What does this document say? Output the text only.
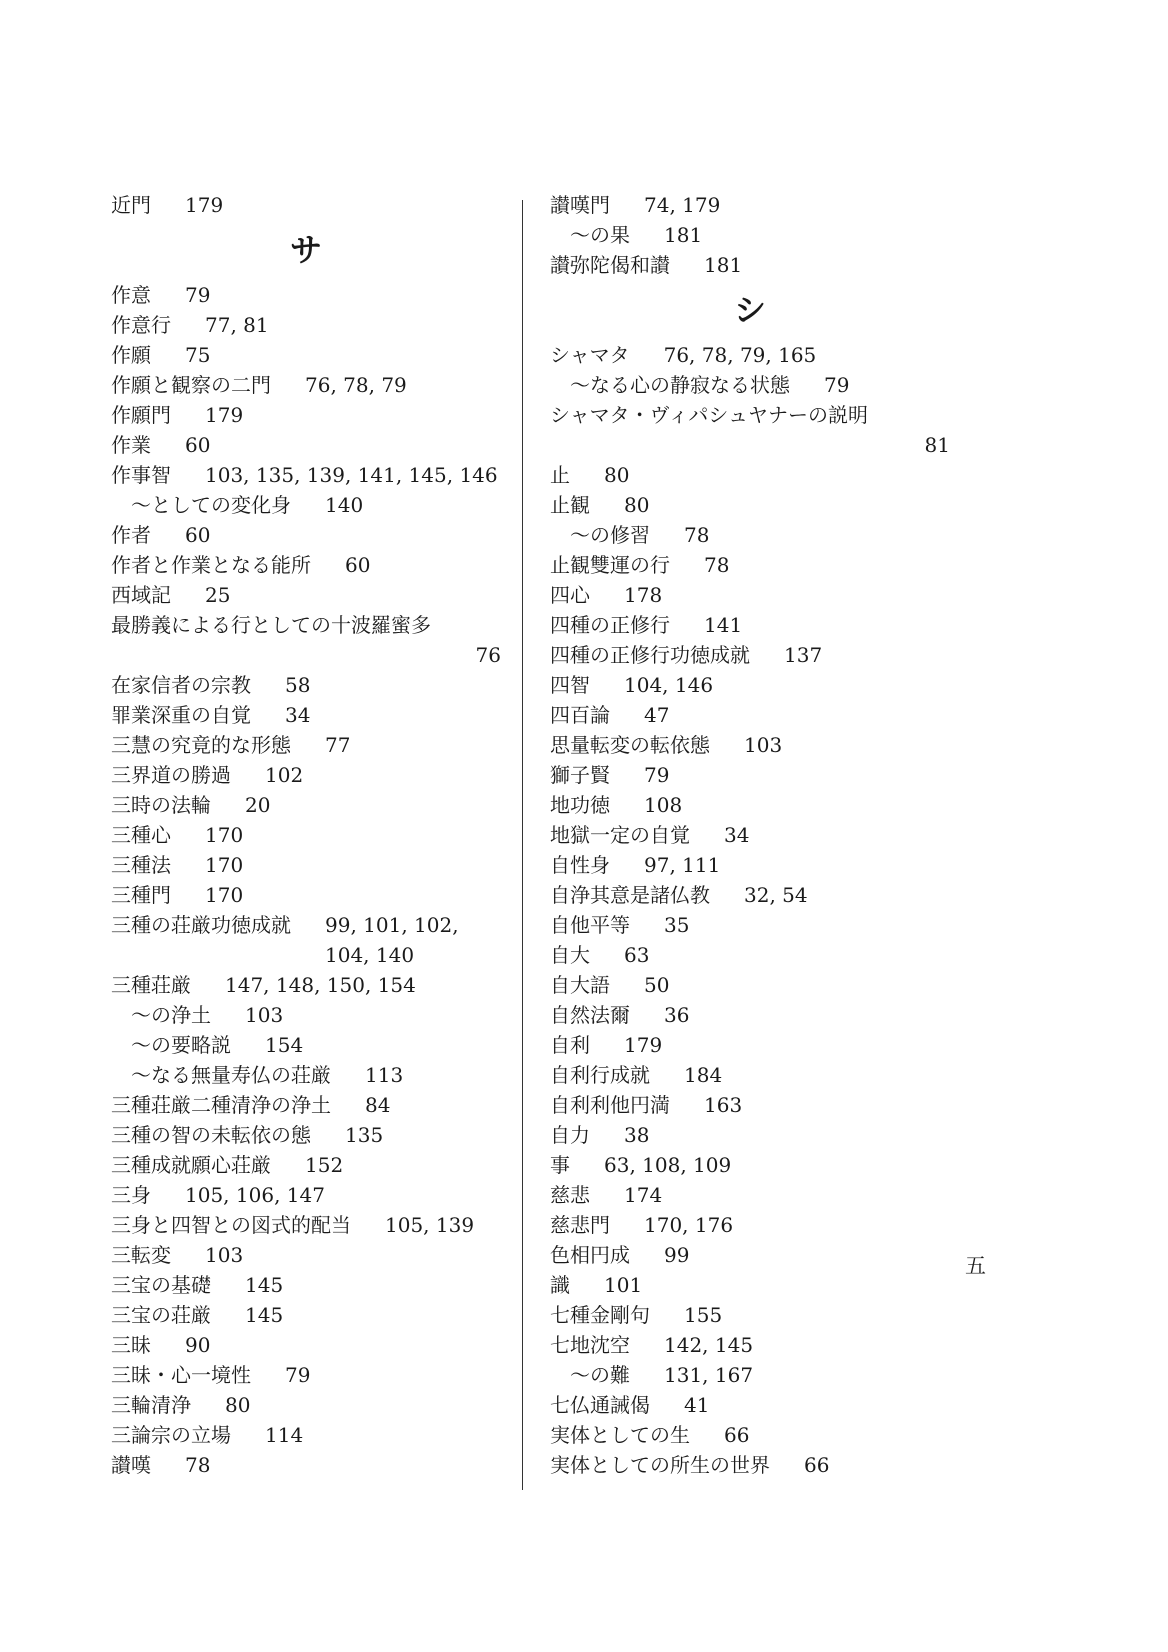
近門 179
サ
作意 79
作意行 77, 81
作願 75
作願と観察の二門 76, 78, 79
作願門 179
作業 60
作事智 103, 135, 139, 141, 145, 146
～としての変化身 140
作者 60
作者と作業となる能所 60
西域記 25
最勝義による行としての十波羅蜜多
76
在家信者の宗教 58
罪業深重の自覚 34
三慧の究竟的な形態 77
三界道の勝過 102
三時の法輪 20
三種心 170
三種法 170
三種門 170
三種の荘厳功徳成就 99, 101, 102,
104, 140
三種荘厳 147, 148, 150, 154
～の浄土 103
～の要略説 154
～なる無量寿仏の荘厳 113
三種荘厳二種清浄の浄土 84
三種の智の未転依の態 135
三種成就願心荘厳 152
三身 105, 106, 147
三身と四智との図式的配当 105, 139
三転変 103
三宝の基礎 145
三宝の荘厳 145
三昧 90
三昧・心一境性 79
三輪清浄 80
三論宗の立場 114
讃嘆 78
讃嘆門 74, 179
～の果 181
讃弥陀偈和讃 181
シ
シャマタ 76, 78, 79, 165
～なる心の静寂なる状態 79
シャマタ・ヴィパシュヤナーの説明
81
止 80
止観 80
～の修習 78
止観雙運の行 78
四心 178
四種の正修行 141
四種の正修行功徳成就 137
四智 104, 146
四百論 47
思量転変の転依態 103
獅子賢 79
地功徳 108
地獄一定の自覚 34
自性身 97, 111
自浄其意是諸仏教 32, 54
自他平等 35
自大 63
自大語 50
自然法爾 36
自利 179
自利行成就 184
自利利他円満 163
自力 38
事 63, 108, 109
慈悲 174
慈悲門 170, 176
色相円成 99
識 101
七種金剛句 155
七地沈空 142, 145
～の難 131, 167
七仏通誡偈 41
実体としての生 66
実体としての所生の世界 66
五
